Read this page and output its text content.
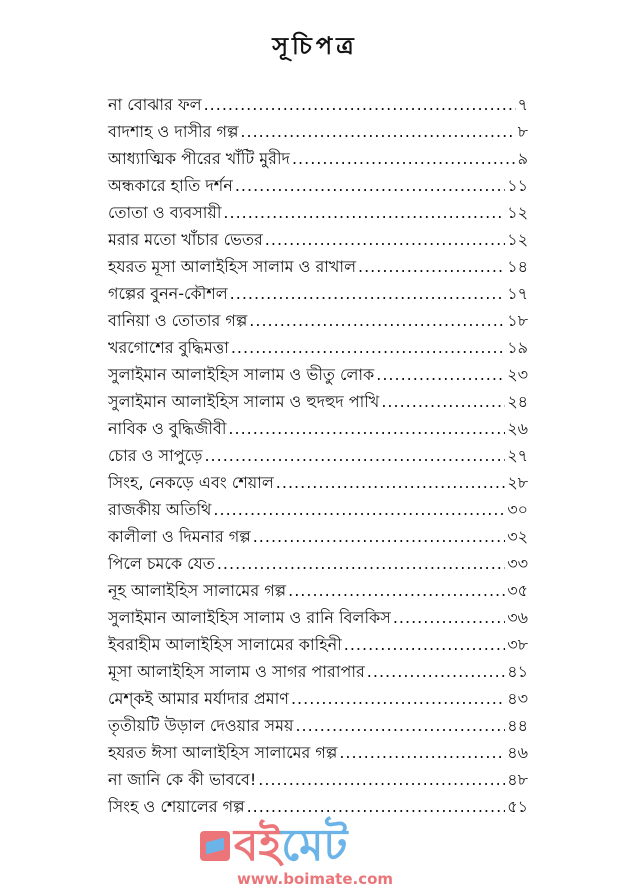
সূচিপত্র
না বোঝার ফল .....	৭
বাদশাহ ও দাসীর গল্প .....	৮
আধ্যাত্মিক পীরের খাঁটি মুরীদ .....	৯
অন্ধকারে হাতি দর্শন .....	১১
তোতা ও ব্যবসায়ী .....	১২
মরার মতো খাঁচার ভেতর .....	১২
হযরত মূসা আলাইহিস সালাম ও রাখাল .....	১৪
গল্পের বুনন-কৌশল .....	১৭
বানিয়া ও তোতার গল্প .....	১৮
খরগোশের বুদ্ধিমত্তা .....	১৯
সুলাইমান আলাইহিস সালাম ও ভীতু লোক .....	২৩
সুলাইমান আলাইহিস সালাম ও হুদহুদ পাখি .....	২৪
নাবিক ও বুদ্ধিজীবী .....	২৬
চোর ও সাপুড়ে .....	২৭
সিংহ, নেকড়ে এবং শেয়াল .....	২৮
রাজকীয় অতিথি .....	৩০
কালীলা ও দিমনার গল্প .....	৩২
পিলে চমকে যেত .....	৩৩
নূহ আলাইহিস সালামের গল্প .....	৩৫
সুলাইমান আলাইহিস সালাম ও রানি বিলকিস .....	৩৬
ইবরাহীম আলাইহিস সালামের কাহিনী .....	৩৮
মূসা আলাইহিস সালাম ও সাগর পারাপার .....	৪১
মেশ্‌কই আমার মর্যাদার প্রমাণ .....	৪৩
তৃতীয়টি উড়াল দেওয়ার সময় .....	৪৪
হযরত ঈসা আলাইহিস সালামের গল্প .....	৪৬
না জানি কে কী ভাববে! .....	৪৮
সিংহ ও শেয়ালের গল্প .....	৫১
বইমেট
www.boimate.com
